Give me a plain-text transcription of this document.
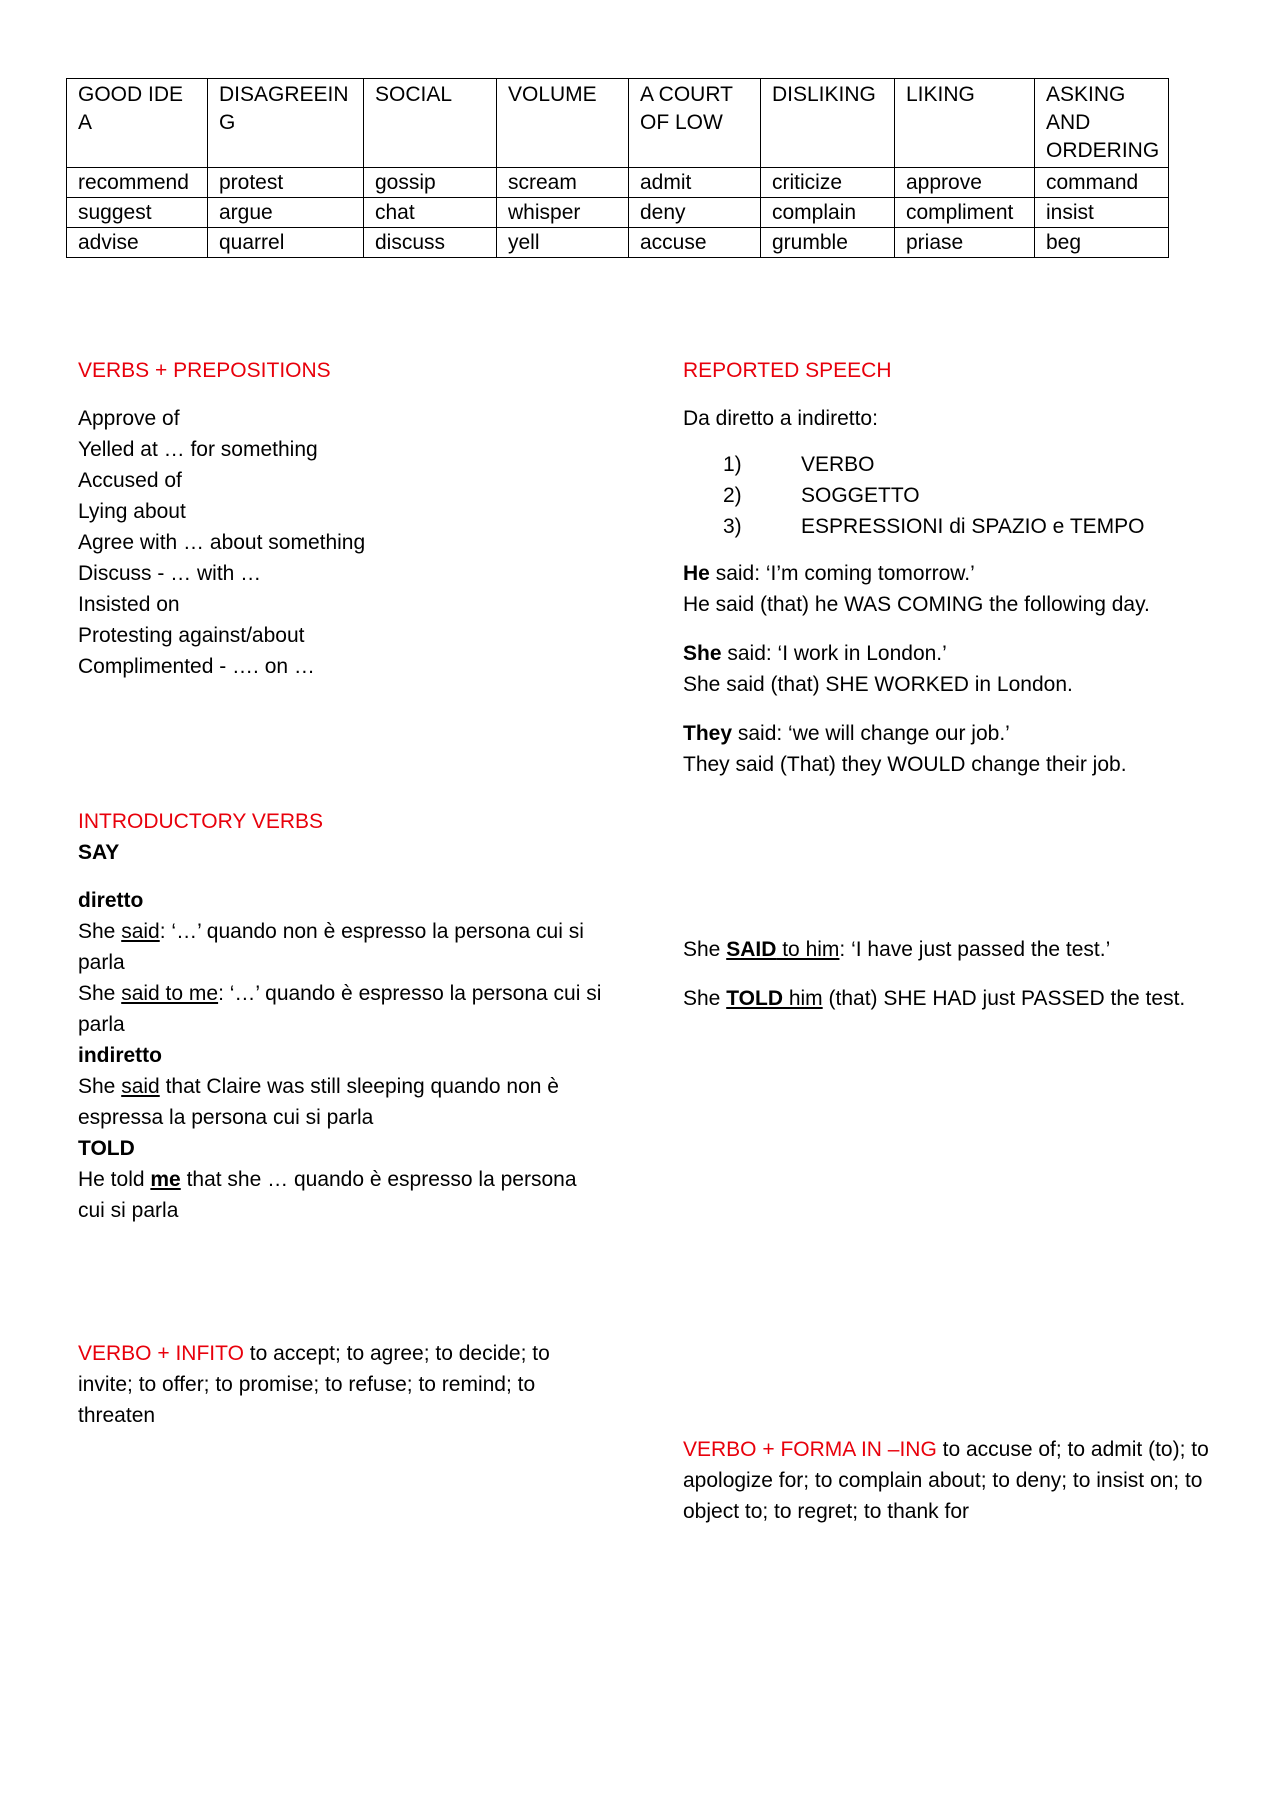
GOOD IDEA	DISAGREEING	SOCIAL	VOLUME	A COURT OF LOW	DISLIKING	LIKING	ASKING AND ORDERING
recommend	protest	gossip	scream	admit	criticize	approve	command
suggest	argue	chat	whisper	deny	complain	compliment	insist
advise	quarrel	discuss	yell	accuse	grumble	priase	beg

VERBS + PREPOSITIONS

Approve of

Yelled at … for something

Accused of

Lying about

Agree with … about something

Discuss - … with …

Insisted on

Protesting against/about

Complimented - …. on …

REPORTED SPEECH

Da diretto a indiretto:

1)	VERBO
2)	SOGGETTO
3)	ESPRESSIONI di SPAZIO e TEMPO

He said: ‘I’m coming tomorrow.’

He said (that) he WAS COMING the following day.

She said: ‘I work in London.’

She said (that) SHE WORKED in London.

They said: ‘we will change our job.’

They said (That) they WOULD change their job.

She SAID to him: ‘I have just passed the test.’

She TOLD him (that) SHE HAD just PASSED the test.

INTRODUCTORY VERBS

SAY

diretto

She said: ‘…’ quando non è espresso la persona cui si parla

She said to me: ‘…’ quando è espresso la persona cui si parla

indiretto

She said that Claire was still sleeping quando non è espressa la persona cui si parla

TOLD

He told me that she … quando è espresso la persona cui si parla

VERBO + INFITO to accept; to agree; to decide; to invite; to offer; to promise; to refuse; to remind; to threaten

VERBO + FORMA IN –ING to accuse of; to admit (to); to apologize for; to complain about; to deny; to insist on; to object to; to regret; to thank for
